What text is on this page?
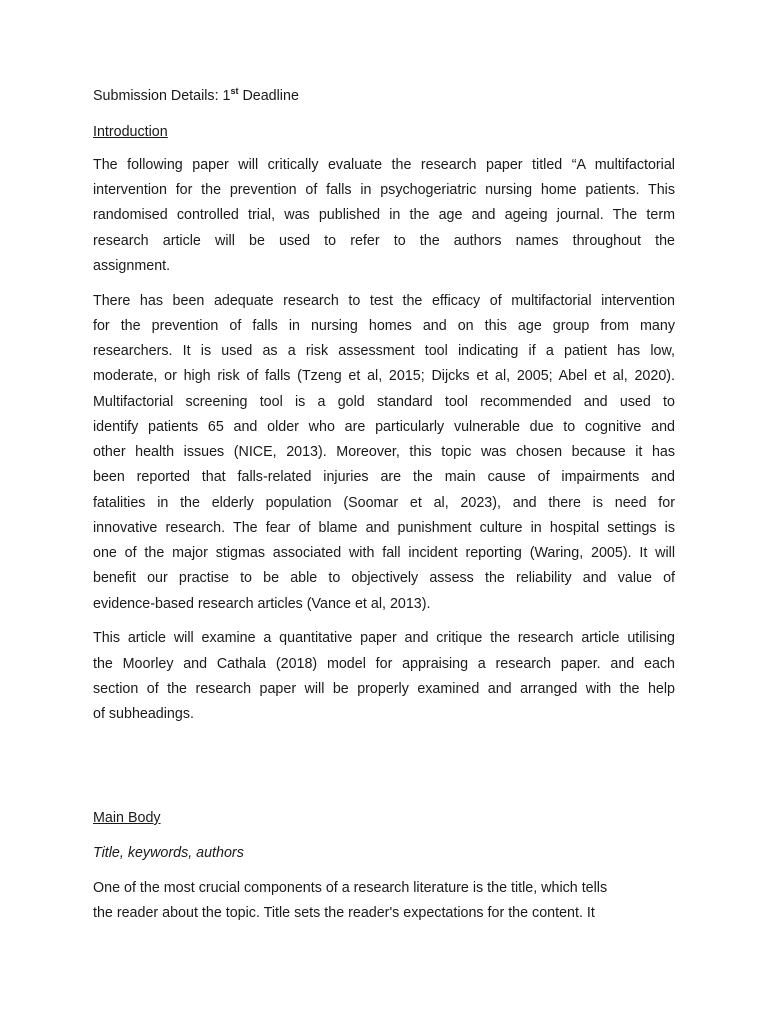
Submission Details: 1st Deadline
Introduction
The following paper will critically evaluate the research paper titled “A multifactorial
intervention for the prevention of falls in psychogeriatric nursing home patients. This
randomised controlled trial, was published in the age and ageing journal. The term
research article will be used to refer to the authors names throughout the
assignment.
There has been adequate research to test the efficacy of multifactorial intervention
for the prevention of falls in nursing homes and on this age group from many
researchers. It is used as a risk assessment tool indicating if a patient has low,
moderate, or high risk of falls (Tzeng et al, 2015; Dijcks et al, 2005; Abel et al, 2020).
Multifactorial screening tool is a gold standard tool recommended and used to
identify patients 65 and older who are particularly vulnerable due to cognitive and
other health issues (NICE, 2013). Moreover, this topic was chosen because it has
been reported that falls-related injuries are the main cause of impairments and
fatalities in the elderly population (Soomar et al, 2023), and there is need for
innovative research. The fear of blame and punishment culture in hospital settings is
one of the major stigmas associated with fall incident reporting (Waring, 2005). It will
benefit our practise to be able to objectively assess the reliability and value of
evidence-based research articles (Vance et al, 2013).
This article will examine a quantitative paper and critique the research article utilising
the Moorley and Cathala (2018) model for appraising a research paper. and each
section of the research paper will be properly examined and arranged with the help
of subheadings.
Main Body
Title, keywords, authors
One of the most crucial components of a research literature is the title, which tells
the reader about the topic. Title sets the reader's expectations for the content. It
